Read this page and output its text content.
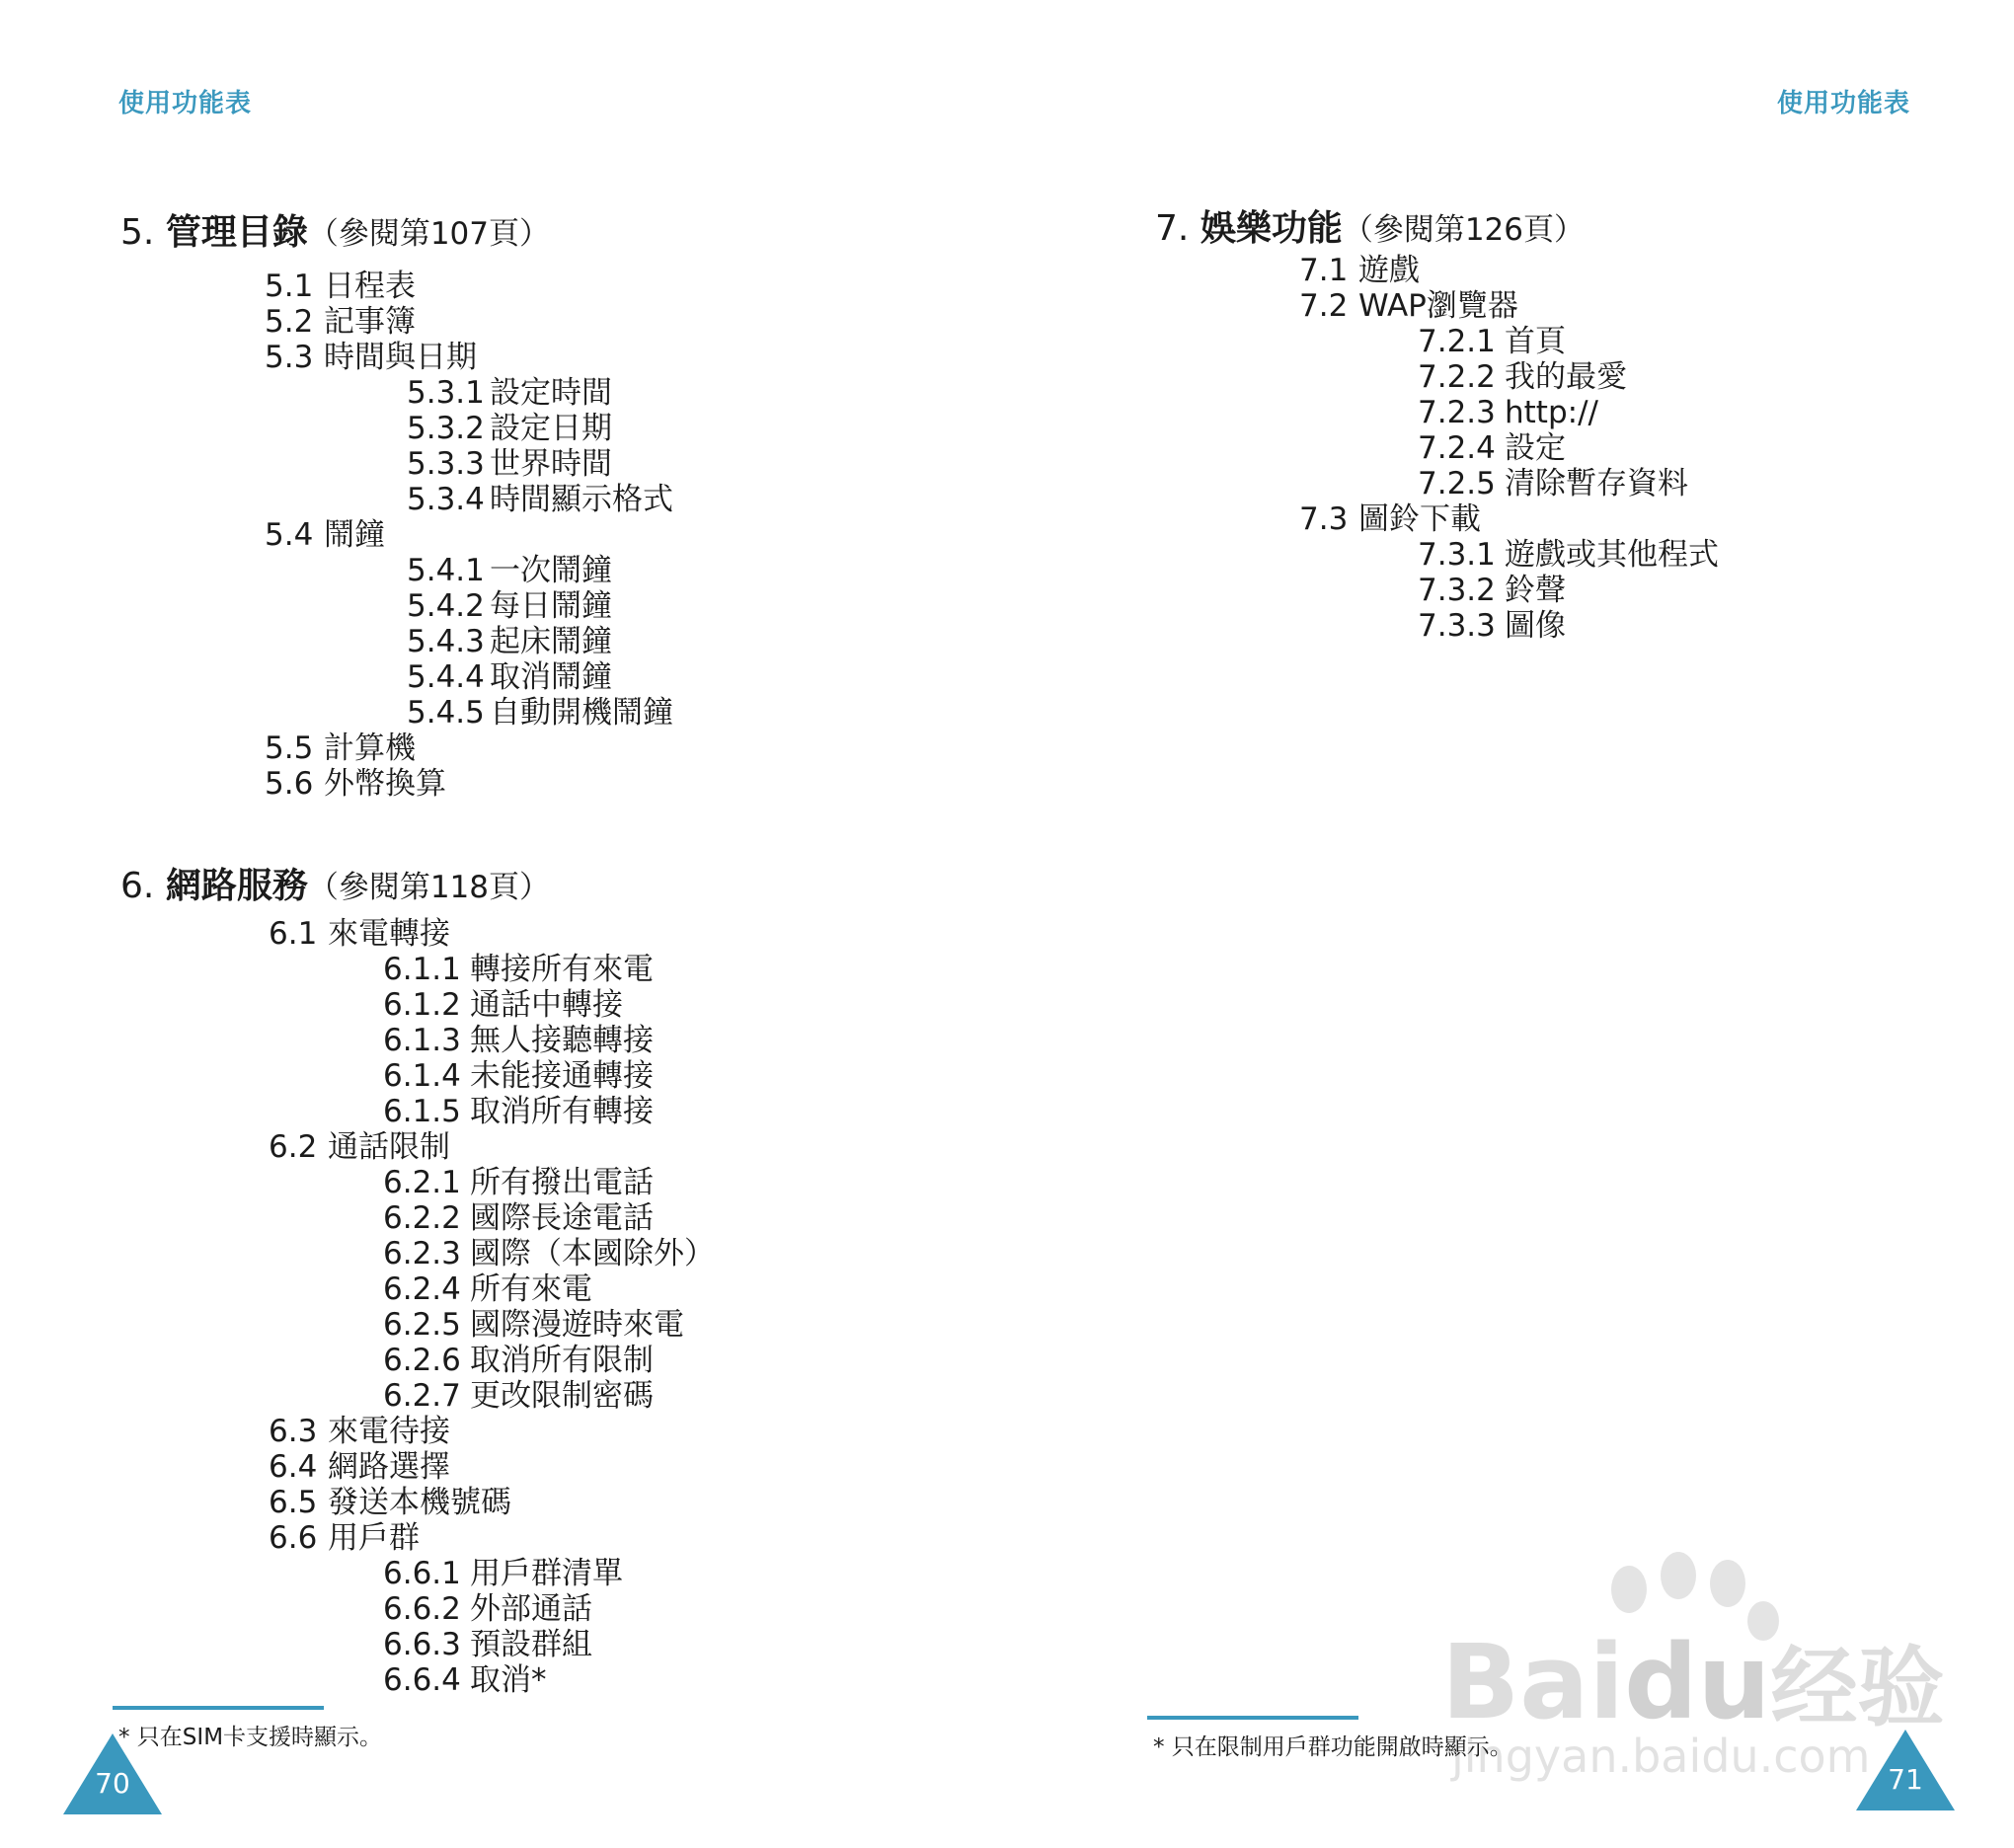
使用功能表	使用功能表
5. 管理目錄（參閱第107頁）
5.1 日程表
5.2 記事簿
5.3 時間與日期
5.3.1 設定時間
5.3.2 設定日期
5.3.3 世界時間
5.3.4 時間顯示格式
5.4 鬧鐘
5.4.1 一次鬧鐘
5.4.2 每日鬧鐘
5.4.3 起床鬧鐘
5.4.4 取消鬧鐘
5.4.5 自動開機鬧鐘
5.5 計算機
5.6 外幣換算
6. 網路服務（參閱第118頁）
6.1 來電轉接
6.1.1 轉接所有來電
6.1.2 通話中轉接
6.1.3 無人接聽轉接
6.1.4 未能接通轉接
6.1.5 取消所有轉接
6.2 通話限制
6.2.1 所有撥出電話
6.2.2 國際長途電話
6.2.3 國際（本國除外）
6.2.4 所有來電
6.2.5 國際漫遊時來電
6.2.6 取消所有限制
6.2.7 更改限制密碼
6.3 來電待接
6.4 網路選擇
6.5 發送本機號碼
6.6 用戶群
6.6.1 用戶群清單
6.6.2 外部通話
6.6.3 預設群組
6.6.4 取消*
* 只在SIM卡支援時顯示。
70
7. 娛樂功能（參閱第126頁）
7.1 遊戲
7.2 WAP瀏覽器
7.2.1 首頁
7.2.2 我的最愛
7.2.3 http://
7.2.4 設定
7.2.5 清除暫存資料
7.3 圖鈴下載
7.3.1 遊戲或其他程式
7.3.2 鈴聲
7.3.3 圖像
Baidu经验
jingyan.baidu.com
* 只在限制用戶群功能開啟時顯示。
71
